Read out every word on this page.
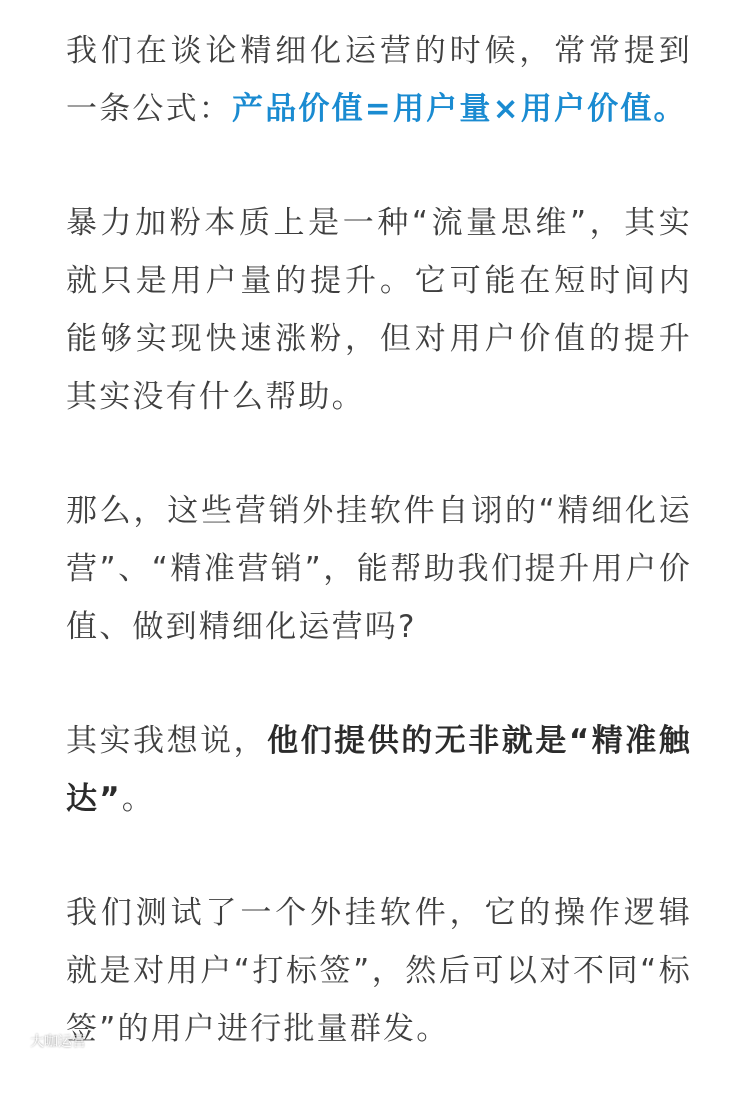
我们在谈论精细化运营的时候，常常提到一条公式：产品价值=用户量×用户价值。

暴力加粉本质上是一种“流量思维”，其实就只是用户量的提升。它可能在短时间内能够实现快速涨粉，但对用户价值的提升其实没有什么帮助。

那么，这些营销外挂软件自诩的“精细化运营”、“精准营销”，能帮助我们提升用户价值、做到精细化运营吗?

其实我想说，他们提供的无非就是“精准触达”。

我们测试了一个外挂软件，它的操作逻辑就是对用户“打标签”，然后可以对不同“标签”的用户进行批量群发。

大咖运营
